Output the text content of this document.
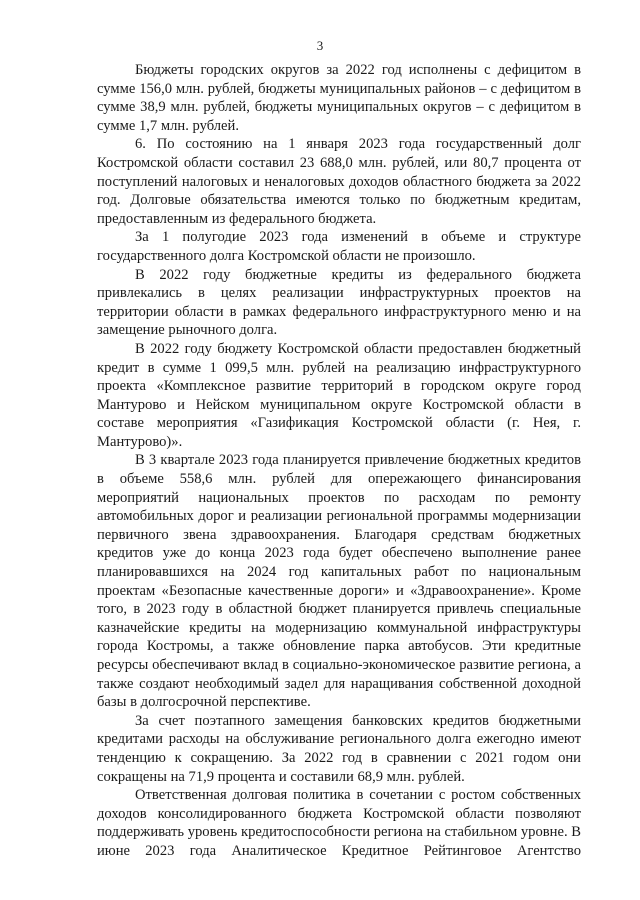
3

Бюджеты городских округов за 2022 год исполнены с дефицитом в сумме 156,0 млн. рублей, бюджеты муниципальных районов – с дефицитом в сумме 38,9 млн. рублей, бюджеты муниципальных округов – с дефицитом в сумме 1,7 млн. рублей.

6. По состоянию на 1 января 2023 года государственный долг Костромской области составил 23 688,0 млн. рублей, или 80,7 процента от поступлений налоговых и неналоговых доходов областного бюджета за 2022 год. Долговые обязательства имеются только по бюджетным кредитам, предоставленным из федерального бюджета.

За 1 полугодие 2023 года изменений в объеме и структуре государственного долга Костромской области не произошло.

В 2022 году бюджетные кредиты из федерального бюджета привлекались в целях реализации инфраструктурных проектов на территории области в рамках федерального инфраструктурного меню и на замещение рыночного долга.

В 2022 году бюджету Костромской области предоставлен бюджетный кредит в сумме 1 099,5 млн. рублей на реализацию инфраструктурного проекта «Комплексное развитие территорий в городском округе город Мантурово и Нейском муниципальном округе Костромской области в составе мероприятия «Газификация Костромской области (г. Нея, г. Мантурово)».

В 3 квартале 2023 года планируется привлечение бюджетных кредитов в объеме 558,6 млн. рублей для опережающего финансирования мероприятий национальных проектов по расходам по ремонту автомобильных дорог и реализации региональной программы модернизации первичного звена здравоохранения. Благодаря средствам бюджетных кредитов уже до конца 2023 года будет обеспечено выполнение ранее планировавшихся на 2024 год капитальных работ по национальным проектам «Безопасные качественные дороги» и «Здравоохранение». Кроме того, в 2023 году в областной бюджет планируется привлечь специальные казначейские кредиты на модернизацию коммунальной инфраструктуры города Костромы, а также обновление парка автобусов. Эти кредитные ресурсы обеспечивают вклад в социально-экономическое развитие региона, а также создают необходимый задел для наращивания собственной доходной базы в долгосрочной перспективе.

За счет поэтапного замещения банковских кредитов бюджетными кредитами расходы на обслуживание регионального долга ежегодно имеют тенденцию к сокращению. За 2022 год в сравнении с 2021 годом они сокращены на 71,9 процента и составили 68,9 млн. рублей.

Ответственная долговая политика в сочетании с ростом собственных доходов консолидированного бюджета Костромской области позволяют поддерживать уровень кредитоспособности региона на стабильном уровне. В июне 2023 года Аналитическое Кредитное Рейтинговое Агентство
